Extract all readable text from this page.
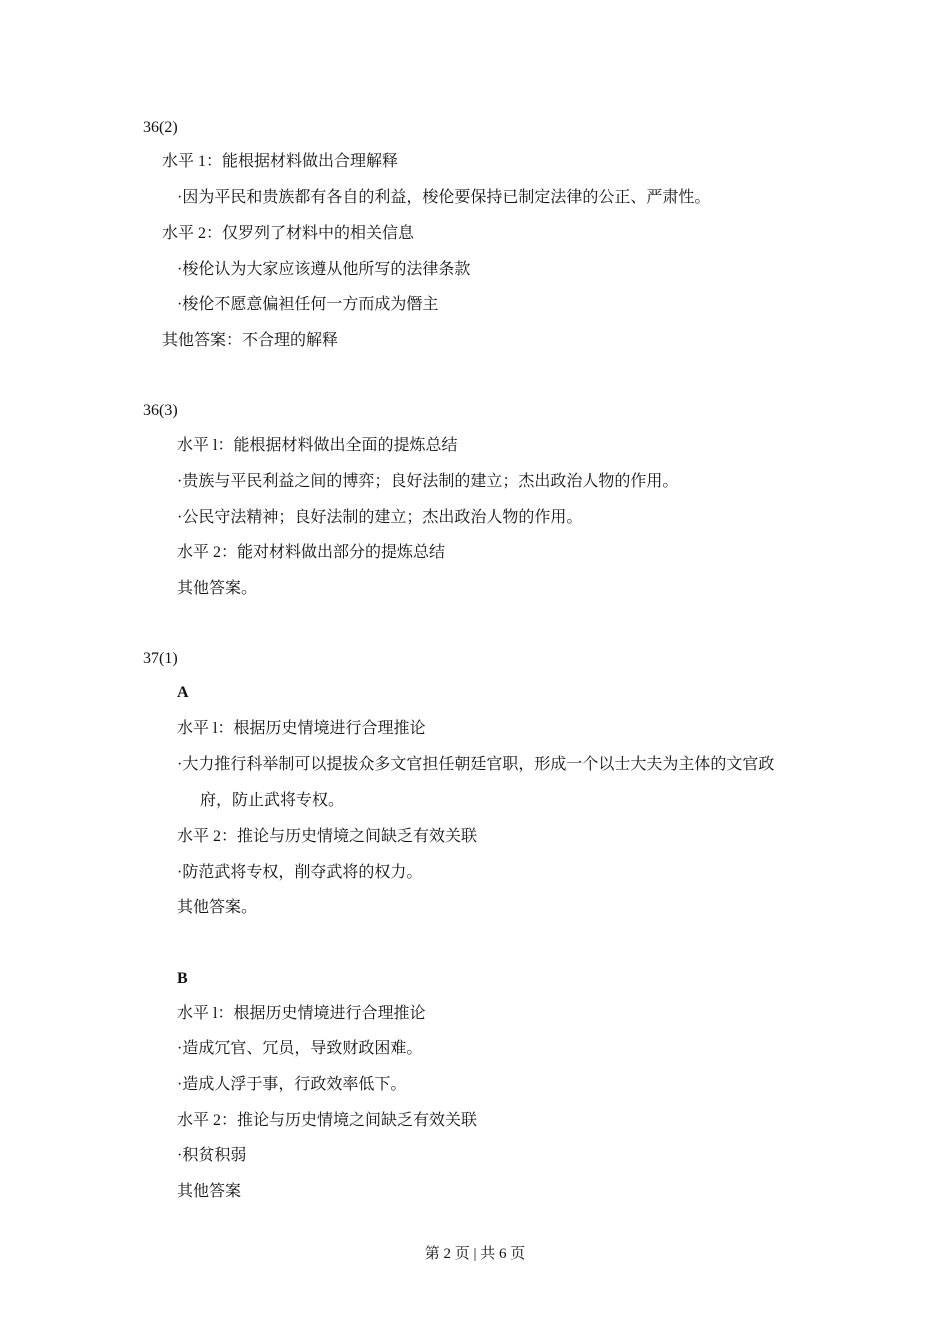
36(2)
水平 1：能根据材料做出合理解释
·因为平民和贵族都有各自的利益，梭伦要保持已制定法律的公正、严肃性。
水平 2：仅罗列了材料中的相关信息
·梭伦认为大家应该遵从他所写的法律条款
·梭伦不愿意偏袒任何一方而成为僭主
其他答案：不合理的解释
36(3)
水平 l：能根据材料做出全面的提炼总结
·贵族与平民利益之间的博弈；良好法制的建立；杰出政治人物的作用。
·公民守法精神；良好法制的建立；杰出政治人物的作用。
水平 2：能对材料做出部分的提炼总结
其他答案。
37(1)
A
水平 l：根据历史情境进行合理推论
·大力推行科举制可以提拔众多文官担任朝廷官职，形成一个以士大夫为主体的文官政
府，防止武将专权。
水平 2：推论与历史情境之间缺乏有效关联
·防范武将专权，削夺武将的权力。
其他答案。
B
水平 l：根据历史情境进行合理推论
·造成冗官、冗员，导致财政困难。
·造成人浮于事，行政效率低下。
水平 2：推论与历史情境之间缺乏有效关联
·积贫积弱
其他答案
第 2 页 | 共 6 页
